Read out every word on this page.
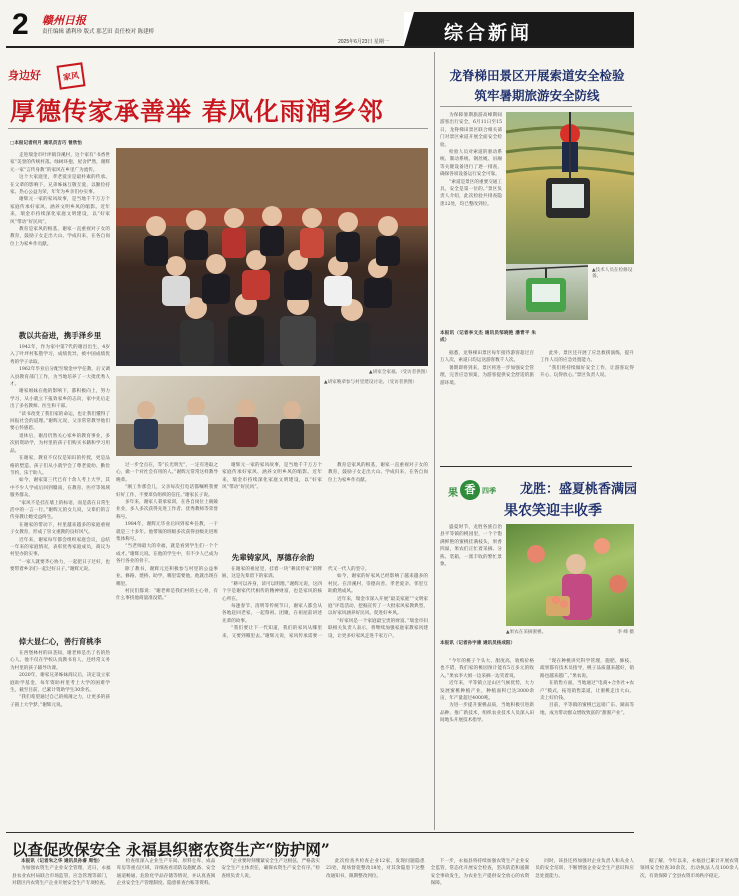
2 赣州日报
责任编辑 潘利珍 版式 那艺田 责任校对 陈建桥
2025年6月23日 星期一	综合新闻
身边好	家风
厚德传家承善举 春风化雨润乡邻
□本报记者何月 通讯员吉巧 曾欣怡

走进瑞金市叶坪镇洋溪村，这个家有“书香世家”美誉的传统村落。绿树环抱，屋舍俨然，谢辉元一家“言传身教”的家风在乡里广为流传。

这个大家庭里，孝老爱亲是最朴素的传承。在父辈的影响下，兄弟姊妹互敬互爱，以勤俭持家、热心公益为荣，年年为乡亲们办实事。

谢辉元一家的家风故事，是当地千千万万个家庭传承好家风、涵养文明乡风的缩影。近年来，瑞金市持续深化家庭文明建设，以“好家风”带动“好民风”。

教育是家风的根基，谢家一直重视对子女的教育，鼓励子女走出大山、学成归来，在各自岗位上为家乡作贡献。

教以共奋进，携手泽乡里

1942年，作为家中第7代的谢昌出生，4岁入了叶坪村私塾学习，成绩优异，被中国成绩优秀的学子录取。

1962年毕业后分配至瑞金中学任教，后又调入县教育部门工作，为当地培养了一大批优秀人才。

谢家姐妹在他的影响下，都积极向上，努力学习，从小就立下报效家乡的志向，家中先后走出了多名教师、医生和干部。

“读书改变了我们家的命运，也让我们懂得了回报社会的道理。”谢辉元说，父亲常常教导他们要心怀感恩。

退休后，谢昌仍然关心家乡的教育事业，多次捐资助学，为村里的孩子们购买书籍和学习用品。

在谢家，教育不仅仅是知识的传授，更是品格的塑造。孩子们从小就学会了尊老爱幼、勤俭节约、乐于助人。

如今，谢家第三代已有十余人考上大学，其中不少人学成后回到赣南，在教育、医疗等领域服务群众。

“家风不是挂在墙上的标语，而是落在日常生活中的一言一行。”谢辉元的女儿说，父辈们的言传身教让她受益终生。

在谢家的带动下，村里越来越多的家庭重视子女教育，形成了崇文重教的良好风气。

近年来，谢家每年都会组织家庭会议，总结一年来的家庭情况，表彰优秀家庭成员，商议为村里办的实事。

“一家人就要齐心协力，一起把日子过好，也要带着乡亲们一起过好日子。”谢辉元说。

倬大显仁心，善行育桃李

在西堡林村的田垄间，谢老师是出了名的热心人。他不仅在学校认真教书育人，还经常义务为村里的孩子辅导功课。

2020年，谢家兄弟姊妹商议后，决定设立家庭助学基金，每年资助村里考上大学的困难学生。截至目前，已累计资助学生30余名。

“我们希望通过自己的绵薄之力，让更多的孩子圆上大学梦。”谢辉元说。

▲胡家全家福。（受访者供图）
▲胡家晚辈参与村里建设讨论。（受访者供图）

过一步全点在，等“长光明光”，一定有进取之心，做一个对社会有用的人。”谢辉元常常这样教导晚辈。

“刚工作那会儿，父亲每次打电话都嘱咐我要好好工作，不要辜负组织的信任。”谢家长子说。

多年来，谢家人秉承家训，在各自岗位上兢兢业业，多人多次获得先进工作者、优秀教师等荣誉称号。

1984年，谢辉元毕业后回到家乡任教，一干就是三十多年。他带领的班级多次获得县级先进班集体称号。

“当老师最大的幸福，就是看到学生们一个个成才。”谢辉元说。在他的学生中，有不少人已成为各行各业的骨干。

除了教书，谢辉元还积极参与村里的公益事业。修路、建桥、助学，哪里需要他，他就出现在哪里。

村民们都说：“谢老师是我们村的主心骨，有什么事找他商量准没错。”

先辈铸家风，厚德存余韵

在谢家的祖屋里，挂着一块“耕读传家”的牌匾，这是先辈留下的家训。

“耕可以养身，读可以明理。”谢辉元说，这四个字是谢家代代相传的精神财富，也是家风的核心所在。

每逢春节、清明等传统节日，谢家人都会从各地赶回老家，一起祭祖、团聚，在祖屋前讲述先辈的故事。

“我们要让下一代知道，我们的家风从哪里来，又要到哪里去。”谢辉元说，家风传承需要一代又一代人的坚守。

如今，谢家的好家风已经影响了越来越多的村民。在洋溪村，崇德向善、孝老爱亲、邻里互助蔚然成风。

近年来，瑞金市深入开展“最美家庭”“文明家庭”评选活动，挖掘宣传了一大批家风家教典型，以好家风涵养好民风、促进好乡风。

“好家风是一个家庭最宝贵的财富。”瑞金市妇联相关负责人表示，将继续加强家庭家教家风建设，让更多好家风走进千家万户。

谢辉元一家的家风故事，是当地千千万万个家庭传承好家风、涵养文明乡风的缩影。近年来，瑞金市持续深化家庭文明建设，以“好家风”带动“好民风”。

教育是家风的根基，谢家一直重视对子女的教育，鼓励子女走出大山、学成归来，在各自岗位上为家乡作贡献。

龙脊梯田景区开展索道安全检验
筑牢暑期旅游安全防线
▲技术人员在检修设备。
本报讯（记者李文杰 通讯员邹晓艳 潘青平 朱成）

为保障暑期旅游高峰期间游客出行安全，6月11日至15日，龙脊梯田景区联合相关部门对景区索道开展全面安全检验。

检验人员对索道的驱动系统、制动系统、钢丝绳、吊厢等关键设备进行了逐一排查，确保各项设备运行安全可靠。

“索道是景区的重要交通工具，安全是第一位的。”景区负责人介绍，此次检验共排查隐患12处，均已整改到位。

据悉，龙脊梯田景区每年接待游客超过百万人次，索道日均运送游客数千人次。

暑期即将到来，景区将进一步加强安全管理，完善应急预案，为游客提供安全舒适的旅游环境。

此外，景区还开展了应急救援演练，提升工作人员的应急处置能力。

“我们将持续做好安全工作，让游客玩得开心、玩得放心。”景区负责人说。

果 香 四季 龙胜：盛夏桃香满园
果农笑迎丰收季

盛夏时节，龙胜各族自治县平等镇的桃园里，一个个饱满鲜艳的蜜桃挂满枝头，果香四溢，果农们正忙着采摘、分拣、装箱，一派丰收的繁忙景象。

▲果农在采摘蜜桃。	李 峰 摄
本报讯（记者孙宇康 通讯员杨成阳）

“今年的桃子个头大、甜度高，收购价格也不错，我们家的桃园预计能有5万多元的收入。”果农李大姐一边采摘一边笑着说。

近年来，平等镇立足山区气候优势，大力发展蜜桃种植产业，种植面积已达3000余亩，年产量超过4000吨。

为进一步提升蜜桃品质，当地积极引进新品种、推广新技术，组织农业技术人员深入田间地头开展技术指导。

“现在种桃讲究科学管理，施肥、修枝、疏果都有技术员指导，桃子品质越来越好，销路也越来越广。”果农说。

在销售方面，当地通过“电商+合作社+农户”模式，拓宽销售渠道，让蜜桃走出大山、卖上好价钱。

目前，平等镇的蜜桃已远销广东、湖南等地，成为带动群众增收致富的“甜蜜产业”。

以查促改保安全 永福县织密农资生产“防护网”

本报讯（记者朱之华 通讯员孙睿 周怡）

为加强农资生产企业安全管理，近日，永福县农业农村局联合市场监管、应急管理等部门，对辖区内农资生产企业开展安全生产专项检查。

检查组深入企业生产车间、原料仓库、成品库房等重点区域，详细查看消防设施配备、安全通道畅通、危险化学品存储等情况，并认真查阅企业安全生产管理制度、隐患排查台账等资料。

“企业要时刻绷紧安全生产这根弦，严格落实安全生产主体责任，确保农资生产安全有序。”检查组负责人说。

此次检查共检查企业12家，发现问题隐患23处，现场督促整改18处，对其余隐患下达整改通知书，限期整改到位。

下一步，永福县将持续加强农资生产企业安全监管，常态化开展安全检查，坚决防范和遏制安全事故发生，为农业生产提供安全放心的农资保障。

同时，该县还将加强对企业负责人和从业人员的安全培训，不断增强企业安全生产意识和应急处置能力。

据了解，今年以来，永福县已累计开展农资领域安全检查30余次，出动执法人员100余人次，有效保障了全县农资市场秩序稳定。
